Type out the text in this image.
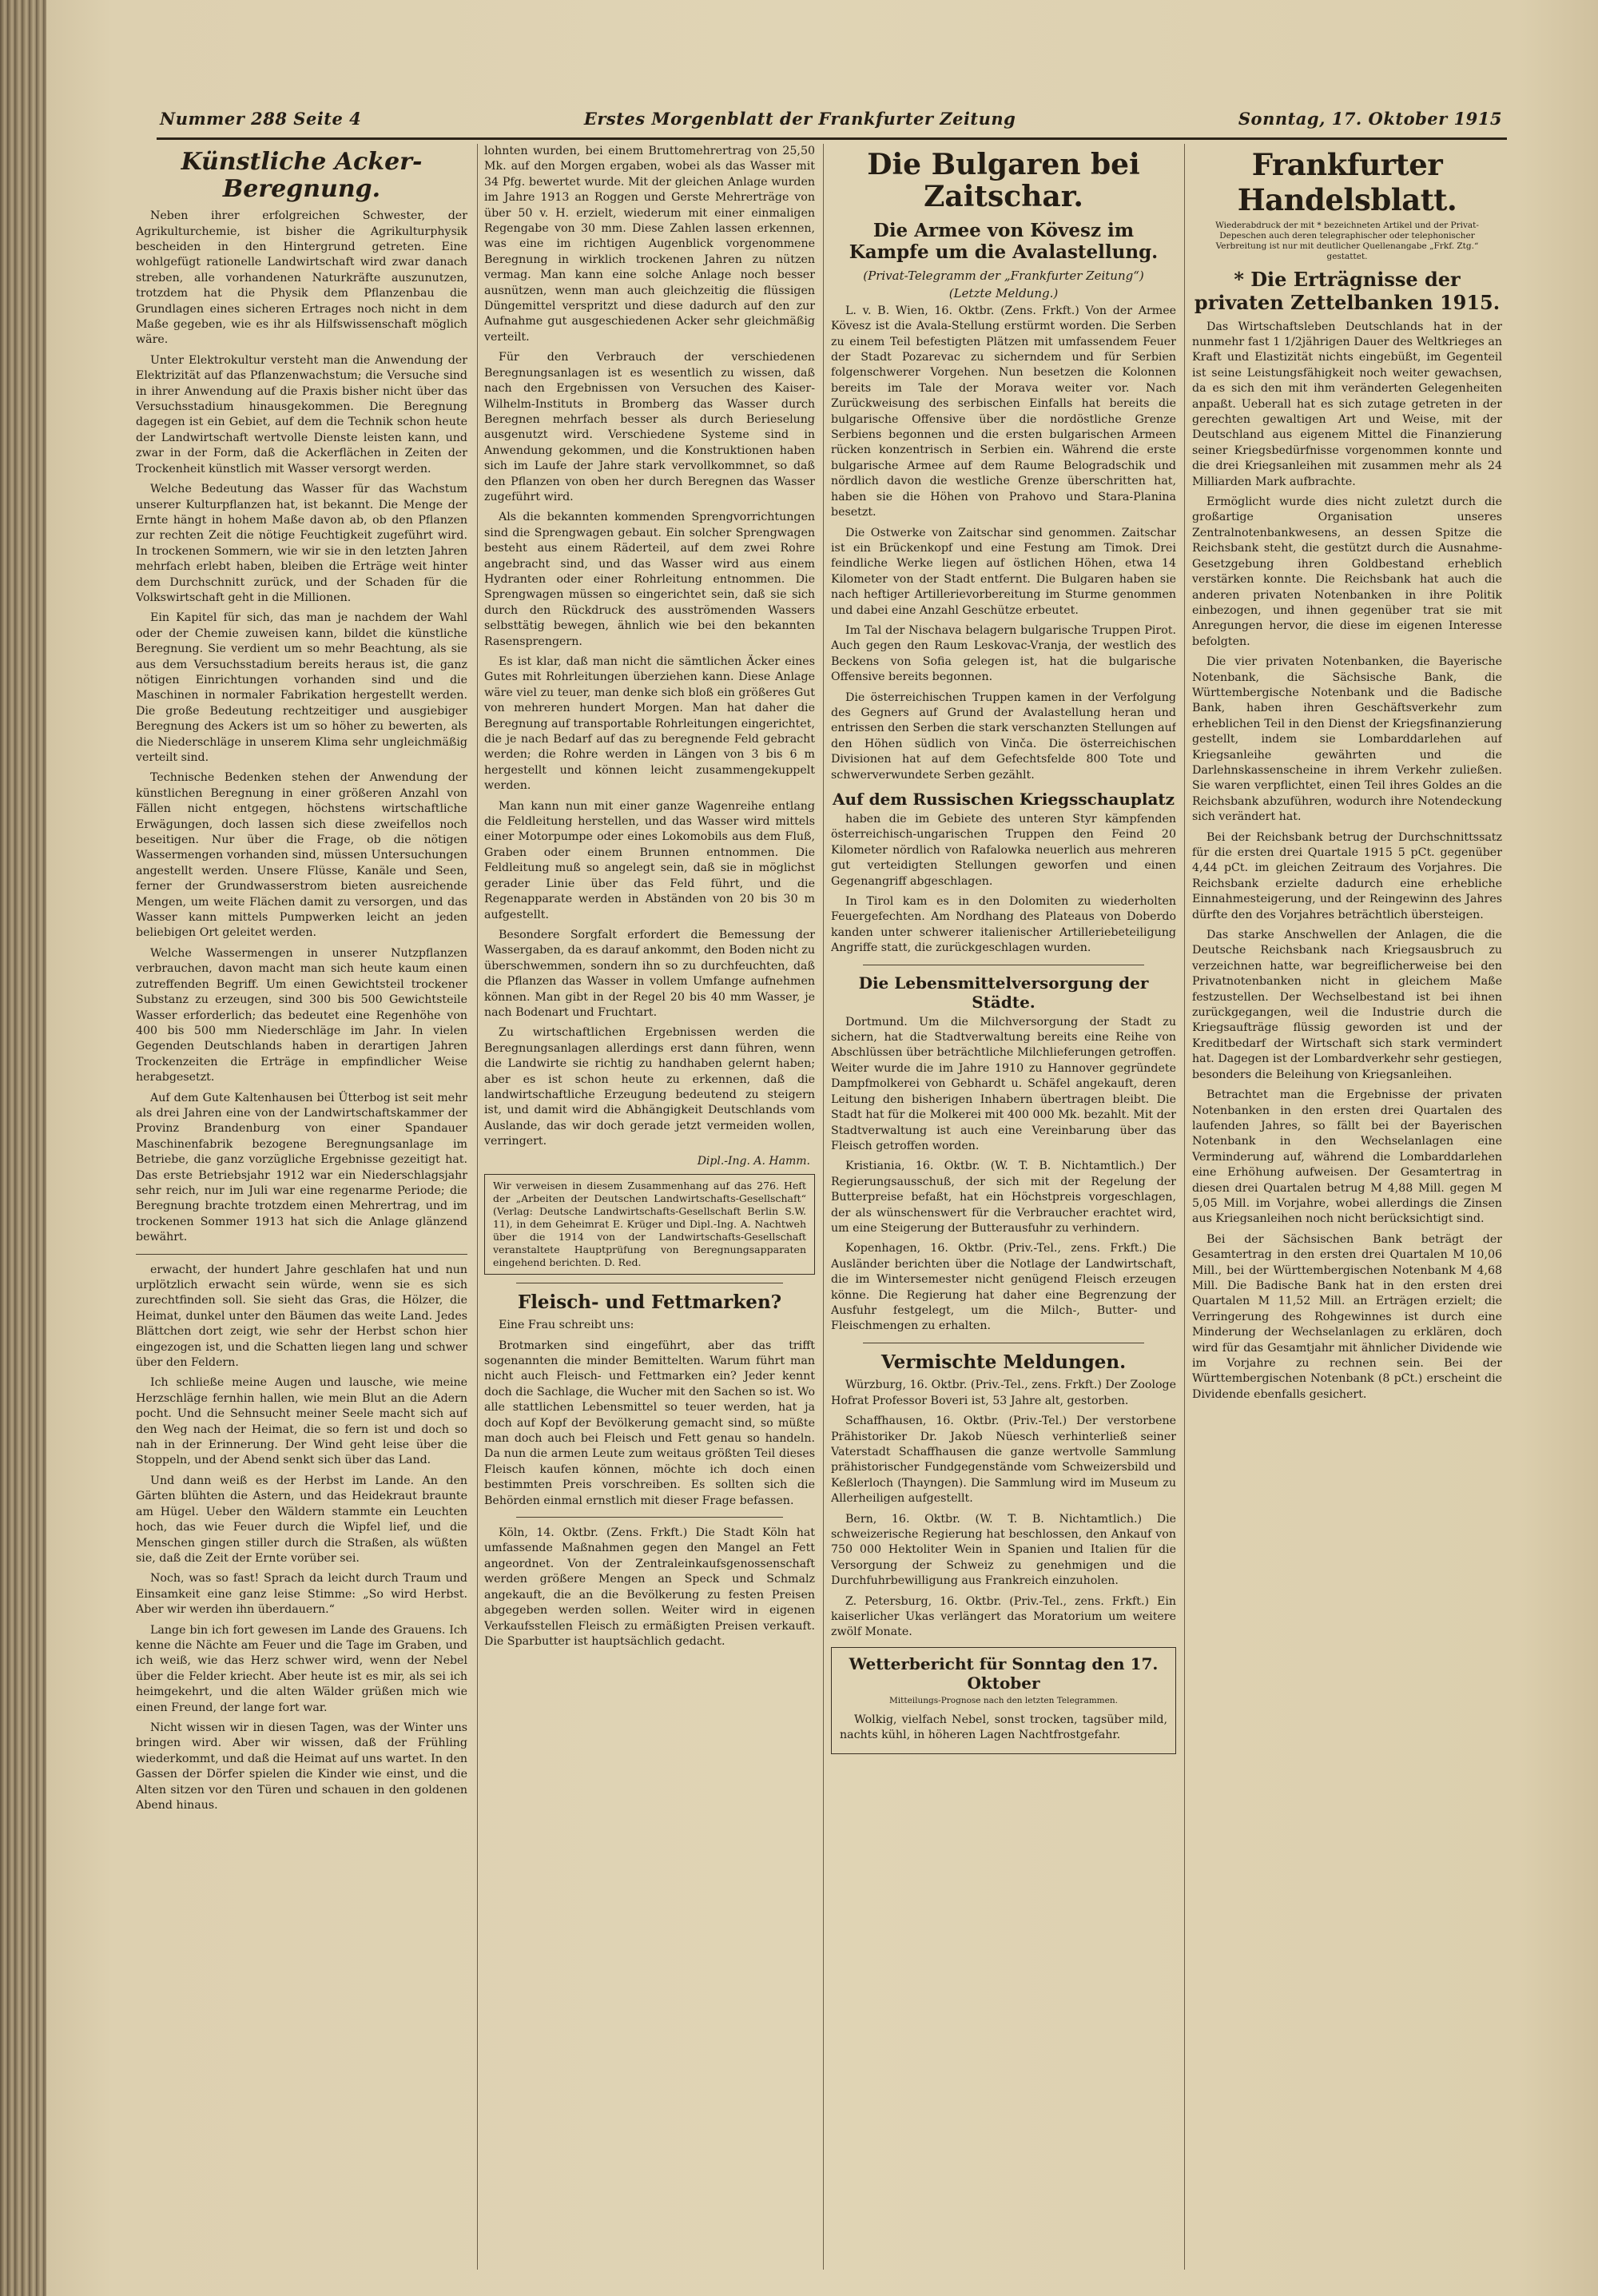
Nummer 288 Seite 4	Erstes Morgenblatt der Frankfurter Zeitung	Sonntag, 17. Oktober 1915
Künstliche Acker-Beregnung.

Neben ihrer erfolgreichen Schwester, der Agrikulturchemie, ist bisher die Agrikulturphysik bescheiden in den Hintergrund getreten. Eine wohlgefügt rationelle Landwirtschaft wird zwar danach streben, alle vorhandenen Naturkräfte auszunutzen, trotzdem hat die Physik dem Pflanzenbau die Grundlagen eines sicheren Ertrages noch nicht in dem Maße gegeben, wie es ihr als Hilfswissenschaft möglich wäre.

Unter Elektrokultur versteht man die Anwendung der Elektrizität auf das Pflanzenwachstum; die Versuche sind in ihrer Anwendung auf die Praxis bisher nicht über das Versuchsstadium hinausgekommen. Die Beregnung dagegen ist ein Gebiet, auf dem die Technik schon heute der Landwirtschaft wertvolle Dienste leisten kann, und zwar in der Form, daß die Ackerflächen in Zeiten der Trockenheit künstlich mit Wasser versorgt werden.

Welche Bedeutung das Wasser für das Wachstum unserer Kulturpflanzen hat, ist bekannt. Die Menge der Ernte hängt in hohem Maße davon ab, ob den Pflanzen zur rechten Zeit die nötige Feuchtigkeit zugeführt wird. In trockenen Sommern, wie wir sie in den letzten Jahren mehrfach erlebt haben, bleiben die Erträge weit hinter dem Durchschnitt zurück, und der Schaden für die Volkswirtschaft geht in die Millionen.

Ein Kapitel für sich, das man je nachdem der Wahl oder der Chemie zuweisen kann, bildet die künstliche Beregnung. Sie verdient um so mehr Beachtung, als sie aus dem Versuchsstadium bereits heraus ist, die ganz nötigen Einrichtungen vorhanden sind und die Maschinen in normaler Fabrikation hergestellt werden. Die große Bedeutung rechtzeitiger und ausgiebiger Beregnung des Ackers ist um so höher zu bewerten, als die Niederschläge in unserem Klima sehr ungleichmäßig verteilt sind.

Technische Bedenken stehen der Anwendung der künstlichen Beregnung in einer größeren Anzahl von Fällen nicht entgegen, höchstens wirtschaftliche Erwägungen, doch lassen sich diese zweifellos noch beseitigen. Nur über die Frage, ob die nötigen Wassermengen vorhanden sind, müssen Untersuchungen angestellt werden. Unsere Flüsse, Kanäle und Seen, ferner der Grundwasserstrom bieten ausreichende Mengen, um weite Flächen damit zu versorgen, und das Wasser kann mittels Pumpwerken leicht an jeden beliebigen Ort geleitet werden.

Welche Wassermengen in unserer Nutzpflanzen verbrauchen, davon macht man sich heute kaum einen zutreffenden Begriff. Um einen Gewichtsteil trockener Substanz zu erzeugen, sind 300 bis 500 Gewichtsteile Wasser erforderlich; das bedeutet eine Regenhöhe von 400 bis 500 mm Niederschläge im Jahr. In vielen Gegenden Deutschlands haben in derartigen Jahren Trockenzeiten die Erträge in empfindlicher Weise herabgesetzt.

Auf dem Gute Kaltenhausen bei Ütterbog ist seit mehr als drei Jahren eine von der Landwirtschaftskammer der Provinz Brandenburg von einer Spandauer Maschinenfabrik bezogene Beregnungsanlage im Betriebe, die ganz vorzügliche Ergebnisse gezeitigt hat. Das erste Betriebsjahr 1912 war ein Niederschlagsjahr sehr reich, nur im Juli war eine regenarme Periode; die Beregnung brachte trotzdem einen Mehrertrag, und im trockenen Sommer 1913 hat sich die Anlage glänzend bewährt.

erwacht, der hundert Jahre geschlafen hat und nun urplötzlich erwacht sein würde, wenn sie es sich zurechtfinden soll. Sie sieht das Gras, die Hölzer, die Heimat, dunkel unter den Bäumen das weite Land. Jedes Blättchen dort zeigt, wie sehr der Herbst schon hier eingezogen ist, und die Schatten liegen lang und schwer über den Feldern.

Ich schließe meine Augen und lausche, wie meine Herzschläge fernhin hallen, wie mein Blut an die Adern pocht. Und die Sehnsucht meiner Seele macht sich auf den Weg nach der Heimat, die so fern ist und doch so nah in der Erinnerung. Der Wind geht leise über die Stoppeln, und der Abend senkt sich über das Land.

Und dann weiß es der Herbst im Lande. An den Gärten blühten die Astern, und das Heidekraut braunte am Hügel. Ueber den Wäldern stammte ein Leuchten hoch, das wie Feuer durch die Wipfel lief, und die Menschen gingen stiller durch die Straßen, als wüßten sie, daß die Zeit der Ernte vorüber sei.

Noch, was so fast! Sprach da leicht durch Traum und Einsamkeit eine ganz leise Stimme: „So wird Herbst. Aber wir werden ihn überdauern.“

Lange bin ich fort gewesen im Lande des Grauens. Ich kenne die Nächte am Feuer und die Tage im Graben, und ich weiß, wie das Herz schwer wird, wenn der Nebel über die Felder kriecht. Aber heute ist es mir, als sei ich heimgekehrt, und die alten Wälder grüßen mich wie einen Freund, der lange fort war.

Nicht wissen wir in diesen Tagen, was der Winter uns bringen wird. Aber wir wissen, daß der Frühling wiederkommt, und daß die Heimat auf uns wartet. In den Gassen der Dörfer spielen die Kinder wie einst, und die Alten sitzen vor den Türen und schauen in den goldenen Abend hinaus.

lohnten wurden, bei einem Bruttomehrertrag von 25,50 Mk. auf den Morgen ergaben, wobei als das Wasser mit 34 Pfg. bewertet wurde. Mit der gleichen Anlage wurden im Jahre 1913 an Roggen und Gerste Mehrerträge von über 50 v. H. erzielt, wiederum mit einer einmaligen Regengabe von 30 mm. Diese Zahlen lassen erkennen, was eine im richtigen Augenblick vorgenommene Beregnung in wirklich trockenen Jahren zu nützen vermag. Man kann eine solche Anlage noch besser ausnützen, wenn man auch gleichzeitig die flüssigen Düngemittel verspritzt und diese dadurch auf den zur Aufnahme gut ausgeschiedenen Acker sehr gleichmäßig verteilt.

Für den Verbrauch der verschiedenen Beregnungsanlagen ist es wesentlich zu wissen, daß nach den Ergebnissen von Versuchen des Kaiser-Wilhelm-Instituts in Bromberg das Wasser durch Beregnen mehrfach besser als durch Berieselung ausgenutzt wird. Verschiedene Systeme sind in Anwendung gekommen, und die Konstruktionen haben sich im Laufe der Jahre stark vervollkommnet, so daß den Pflanzen von oben her durch Beregnen das Wasser zugeführt wird.

Als die bekannten kommenden Sprengvorrichtungen sind die Sprengwagen gebaut. Ein solcher Sprengwagen besteht aus einem Räderteil, auf dem zwei Rohre angebracht sind, und das Wasser wird aus einem Hydranten oder einer Rohrleitung entnommen. Die Sprengwagen müssen so eingerichtet sein, daß sie sich durch den Rückdruck des ausströmenden Wassers selbsttätig bewegen, ähnlich wie bei den bekannten Rasensprengern.

Es ist klar, daß man nicht die sämtlichen Äcker eines Gutes mit Rohrleitungen überziehen kann. Diese Anlage wäre viel zu teuer, man denke sich bloß ein größeres Gut von mehreren hundert Morgen. Man hat daher die Beregnung auf transportable Rohrleitungen eingerichtet, die je nach Bedarf auf das zu beregnende Feld gebracht werden; die Rohre werden in Längen von 3 bis 6 m hergestellt und können leicht zusammengekuppelt werden.

Man kann nun mit einer ganze Wagenreihe entlang die Feldleitung herstellen, und das Wasser wird mittels einer Motorpumpe oder eines Lokomobils aus dem Fluß, Graben oder einem Brunnen entnommen. Die Feldleitung muß so angelegt sein, daß sie in möglichst gerader Linie über das Feld führt, und die Regenapparate werden in Abständen von 20 bis 30 m aufgestellt.

Besondere Sorgfalt erfordert die Bemessung der Wassergaben, da es darauf ankommt, den Boden nicht zu überschwemmen, sondern ihn so zu durchfeuchten, daß die Pflanzen das Wasser in vollem Umfange aufnehmen können. Man gibt in der Regel 20 bis 40 mm Wasser, je nach Bodenart und Fruchtart.

Zu wirtschaftlichen Ergebnissen werden die Beregnungsanlagen allerdings erst dann führen, wenn die Landwirte sie richtig zu handhaben gelernt haben; aber es ist schon heute zu erkennen, daß die landwirtschaftliche Erzeugung bedeutend zu steigern ist, und damit wird die Abhängigkeit Deutschlands vom Auslande, das wir doch gerade jetzt vermeiden wollen, verringert.

Dipl.-Ing. A. Hamm.
Wir verweisen in diesem Zusammenhang auf das 276. Heft der „Arbeiten der Deutschen Landwirtschafts-Gesellschaft“ (Verlag: Deutsche Landwirtschafts-Gesellschaft Berlin S.W. 11), in dem Geheimrat E. Krüger und Dipl.-Ing. A. Nachtweh über die 1914 von der Landwirtschafts-Gesellschaft veranstaltete Hauptprüfung von Beregnungsapparaten eingehend berichten. D. Red.
Fleisch- und Fettmarken?

Eine Frau schreibt uns:

Brotmarken sind eingeführt, aber das trifft sogenannten die minder Bemittelten. Warum führt man nicht auch Fleisch- und Fettmarken ein? Jeder kennt doch die Sachlage, die Wucher mit den Sachen so ist. Wo alle stattlichen Lebensmittel so teuer werden, hat ja doch auf Kopf der Bevölkerung gemacht sind, so müßte man doch auch bei Fleisch und Fett genau so handeln. Da nun die armen Leute zum weitaus größten Teil dieses Fleisch kaufen können, möchte ich doch einen bestimmten Preis vorschreiben. Es sollten sich die Behörden einmal ernstlich mit dieser Frage befassen.

Köln, 14. Oktbr. (Zens. Frkft.) Die Stadt Köln hat umfassende Maßnahmen gegen den Mangel an Fett angeordnet. Von der Zentraleinkaufsgenossenschaft werden größere Mengen an Speck und Schmalz angekauft, die an die Bevölkerung zu festen Preisen abgegeben werden sollen. Weiter wird in eigenen Verkaufsstellen Fleisch zu ermäßigten Preisen verkauft. Die Sparbutter ist hauptsächlich gedacht.

Die Bulgaren bei Zaitschar.
Die Armee von Kövesz im Kampfe um die Avalastellung.
(Privat-Telegramm der „Frankfurter Zeitung“)
(Letzte Meldung.)

L. v. B. Wien, 16. Oktbr. (Zens. Frkft.) Von der Armee Kövesz ist die Avala-Stellung erstürmt worden. Die Serben zu einem Teil befestigten Plätzen mit umfassendem Feuer der Stadt Pozarevac zu sicherndem und für Serbien folgenschwerer Vorgehen. Nun besetzen die Kolonnen bereits im Tale der Morava weiter vor. Nach Zurückweisung des serbischen Einfalls hat bereits die bulgarische Offensive über die nordöstliche Grenze Serbiens begonnen und die ersten bulgarischen Armeen rücken konzentrisch in Serbien ein. Während die erste bulgarische Armee auf dem Raume Belogradschik und nördlich davon die westliche Grenze überschritten hat, haben sie die Höhen von Prahovo und Stara-Planina besetzt.

Die Ostwerke von Zaitschar sind genommen. Zaitschar ist ein Brückenkopf und eine Festung am Timok. Drei feindliche Werke liegen auf östlichen Höhen, etwa 14 Kilometer von der Stadt entfernt. Die Bulgaren haben sie nach heftiger Artillerievorbereitung im Sturme genommen und dabei eine Anzahl Geschütze erbeutet.

Im Tal der Nischava belagern bulgarische Truppen Pirot. Auch gegen den Raum Leskovac-Vranja, der westlich des Beckens von Sofia gelegen ist, hat die bulgarische Offensive bereits begonnen.

Die österreichischen Truppen kamen in der Verfolgung des Gegners auf Grund der Avalastellung heran und entrissen den Serben die stark verschanzten Stellungen auf den Höhen südlich von Vinča. Die österreichischen Divisionen hat auf dem Gefechtsfelde 800 Tote und schwerverwundete Serben gezählt.

Auf dem Russischen Kriegsschauplatz

haben die im Gebiete des unteren Styr kämpfenden österreichisch-ungarischen Truppen den Feind 20 Kilometer nördlich von Rafalowka neuerlich aus mehreren gut verteidigten Stellungen geworfen und einen Gegenangriff abgeschlagen.

In Tirol kam es in den Dolomiten zu wiederholten Feuergefechten. Am Nordhang des Plateaus von Doberdo kanden unter schwerer italienischer Artilleriebeteiligung Angriffe statt, die zurückgeschlagen wurden.

Die Lebensmittelversorgung der Städte.

Dortmund. Um die Milchversorgung der Stadt zu sichern, hat die Stadtverwaltung bereits eine Reihe von Abschlüssen über beträchtliche Milchlieferungen getroffen. Weiter wurde die im Jahre 1910 zu Hannover gegründete Dampfmolkerei von Gebhardt u. Schäfel angekauft, deren Leitung den bisherigen Inhabern übertragen bleibt. Die Stadt hat für die Molkerei mit 400 000 Mk. bezahlt. Mit der Stadtverwaltung ist auch eine Vereinbarung über das Fleisch getroffen worden.

Kristiania, 16. Oktbr. (W. T. B. Nichtamtlich.) Der Regierungsausschuß, der sich mit der Regelung der Butterpreise befaßt, hat ein Höchstpreis vorgeschlagen, der als wünschenswert für die Verbraucher erachtet wird, um eine Steigerung der Butterausfuhr zu verhindern.

Kopenhagen, 16. Oktbr. (Priv.-Tel., zens. Frkft.) Die Ausländer berichten über die Notlage der Landwirtschaft, die im Wintersemester nicht genügend Fleisch erzeugen könne. Die Regierung hat daher eine Begrenzung der Ausfuhr festgelegt, um die Milch-, Butter- und Fleischmengen zu erhalten.

Vermischte Meldungen.

Würzburg, 16. Oktbr. (Priv.-Tel., zens. Frkft.) Der Zoologe Hofrat Professor Boveri ist, 53 Jahre alt, gestorben.

Schaffhausen, 16. Oktbr. (Priv.-Tel.) Der verstorbene Prähistoriker Dr. Jakob Nüesch verhinterließ seiner Vaterstadt Schaffhausen die ganze wertvolle Sammlung prähistorischer Fundgegenstände vom Schweizersbild und Keßlerloch (Thayngen). Die Sammlung wird im Museum zu Allerheiligen aufgestellt.

Bern, 16. Oktbr. (W. T. B. Nichtamtlich.) Die schweizerische Regierung hat beschlossen, den Ankauf von 750 000 Hektoliter Wein in Spanien und Italien für die Versorgung der Schweiz zu genehmigen und die Durchfuhrbewilligung aus Frankreich einzuholen.

Z. Petersburg, 16. Oktbr. (Priv.-Tel., zens. Frkft.) Ein kaiserlicher Ukas verlängert das Moratorium um weitere zwölf Monate.

Wetterbericht für Sonntag den 17. Oktober
Mitteilungs-Prognose nach den letzten Telegrammen.

Wolkig, vielfach Nebel, sonst trocken, tagsüber mild, nachts kühl, in höheren Lagen Nachtfrostgefahr.

Frankfurter Handelsblatt.
Wiederabdruck der mit * bezeichneten Artikel und der Privat-Depeschen auch deren telegraphischer oder telephonischer Verbreitung ist nur mit deutlicher Quellenangabe „Frkf. Ztg.“ gestattet.
* Die Erträgnisse der privaten Zettelbanken 1915.

Das Wirtschaftsleben Deutschlands hat in der nunmehr fast 1 1/2jährigen Dauer des Weltkrieges an Kraft und Elastizität nichts eingebüßt, im Gegenteil ist seine Leistungsfähigkeit noch weiter gewachsen, da es sich den mit ihm veränderten Gelegenheiten anpaßt. Ueberall hat es sich zutage getreten in der gerechten gewaltigen Art und Weise, mit der Deutschland aus eigenem Mittel die Finanzierung seiner Kriegsbedürfnisse vorgenommen konnte und die drei Kriegsanleihen mit zusammen mehr als 24 Milliarden Mark aufbrachte.

Ermöglicht wurde dies nicht zuletzt durch die großartige Organisation unseres Zentralnotenbankwesens, an dessen Spitze die Reichsbank steht, die gestützt durch die Ausnahme-Gesetzgebung ihren Goldbestand erheblich verstärken konnte. Die Reichsbank hat auch die anderen privaten Notenbanken in ihre Politik einbezogen, und ihnen gegenüber trat sie mit Anregungen hervor, die diese im eigenen Interesse befolgten.

Die vier privaten Notenbanken, die Bayerische Notenbank, die Sächsische Bank, die Württembergische Notenbank und die Badische Bank, haben ihren Geschäftsverkehr zum erheblichen Teil in den Dienst der Kriegsfinanzierung gestellt, indem sie Lombarddarlehen auf Kriegsanleihe gewährten und die Darlehnskassenscheine in ihrem Verkehr zuließen. Sie waren verpflichtet, einen Teil ihres Goldes an die Reichsbank abzuführen, wodurch ihre Notendeckung sich verändert hat.

Bei der Reichsbank betrug der Durchschnittssatz für die ersten drei Quartale 1915 5 pCt. gegenüber 4,44 pCt. im gleichen Zeitraum des Vorjahres. Die Reichsbank erzielte dadurch eine erhebliche Einnahmesteigerung, und der Reingewinn des Jahres dürfte den des Vorjahres beträchtlich übersteigen.

Das starke Anschwellen der Anlagen, die die Deutsche Reichsbank nach Kriegsausbruch zu verzeichnen hatte, war begreiflicherweise bei den Privatnotenbanken nicht in gleichem Maße festzustellen. Der Wechselbestand ist bei ihnen zurückgegangen, weil die Industrie durch die Kriegsaufträge flüssig geworden ist und der Kreditbedarf der Wirtschaft sich stark vermindert hat. Dagegen ist der Lombardverkehr sehr gestiegen, besonders die Beleihung von Kriegsanleihen.

Betrachtet man die Ergebnisse der privaten Notenbanken in den ersten drei Quartalen des laufenden Jahres, so fällt bei der Bayerischen Notenbank in den Wechselanlagen eine Verminderung auf, während die Lombarddarlehen eine Erhöhung aufweisen. Der Gesamtertrag in diesen drei Quartalen betrug M 4,88 Mill. gegen M 5,05 Mill. im Vorjahre, wobei allerdings die Zinsen aus Kriegsanleihen noch nicht berücksichtigt sind.

Bei der Sächsischen Bank beträgt der Gesamtertrag in den ersten drei Quartalen M 10,06 Mill., bei der Württembergischen Notenbank M 4,68 Mill. Die Badische Bank hat in den ersten drei Quartalen M 11,52 Mill. an Erträgen erzielt; die Verringerung des Rohgewinnes ist durch eine Minderung der Wechselanlagen zu erklären, doch wird für das Gesamtjahr mit ähnlicher Dividende wie im Vorjahre zu rechnen sein. Bei der Württembergischen Notenbank (8 pCt.) erscheint die Dividende ebenfalls gesichert.
